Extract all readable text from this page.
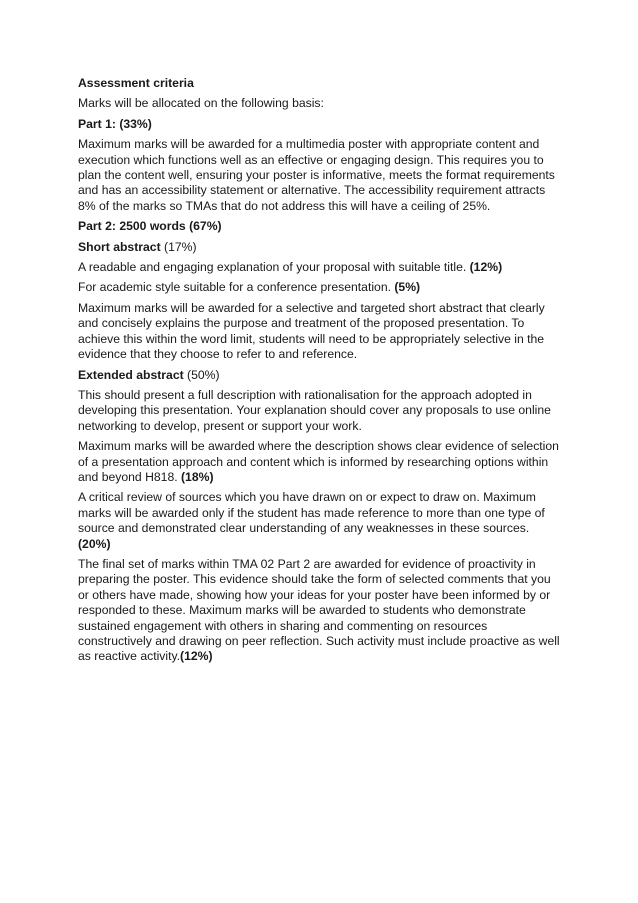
Assessment criteria

Marks will be allocated on the following basis:

Part 1: (33%)

Maximum marks will be awarded for a multimedia poster with appropriate content and execution which functions well as an effective or engaging design. This requires you to plan the content well, ensuring your poster is informative, meets the format requirements and has an accessibility statement or alternative. The accessibility requirement attracts 8% of the marks so TMAs that do not address this will have a ceiling of 25%.

Part 2: 2500 words (67%)

Short abstract (17%)

A readable and engaging explanation of your proposal with suitable title. (12%)

For academic style suitable for a conference presentation. (5%)

Maximum marks will be awarded for a selective and targeted short abstract that clearly and concisely explains the purpose and treatment of the proposed presentation. To achieve this within the word limit, students will need to be appropriately selective in the evidence that they choose to refer to and reference.

Extended abstract (50%)

This should present a full description with rationalisation for the approach adopted in developing this presentation. Your explanation should cover any proposals to use online networking to develop, present or support your work.

Maximum marks will be awarded where the description shows clear evidence of selection of a presentation approach and content which is informed by researching options within and beyond H818. (18%)

A critical review of sources which you have drawn on or expect to draw on. Maximum marks will be awarded only if the student has made reference to more than one type of source and demonstrated clear understanding of any weaknesses in these sources. (20%)

The final set of marks within TMA 02 Part 2 are awarded for evidence of proactivity in preparing the poster. This evidence should take the form of selected comments that you or others have made, showing how your ideas for your poster have been informed by or responded to these. Maximum marks will be awarded to students who demonstrate sustained engagement with others in sharing and commenting on resources constructively and drawing on peer reflection. Such activity must include proactive as well as reactive activity.(12%)
